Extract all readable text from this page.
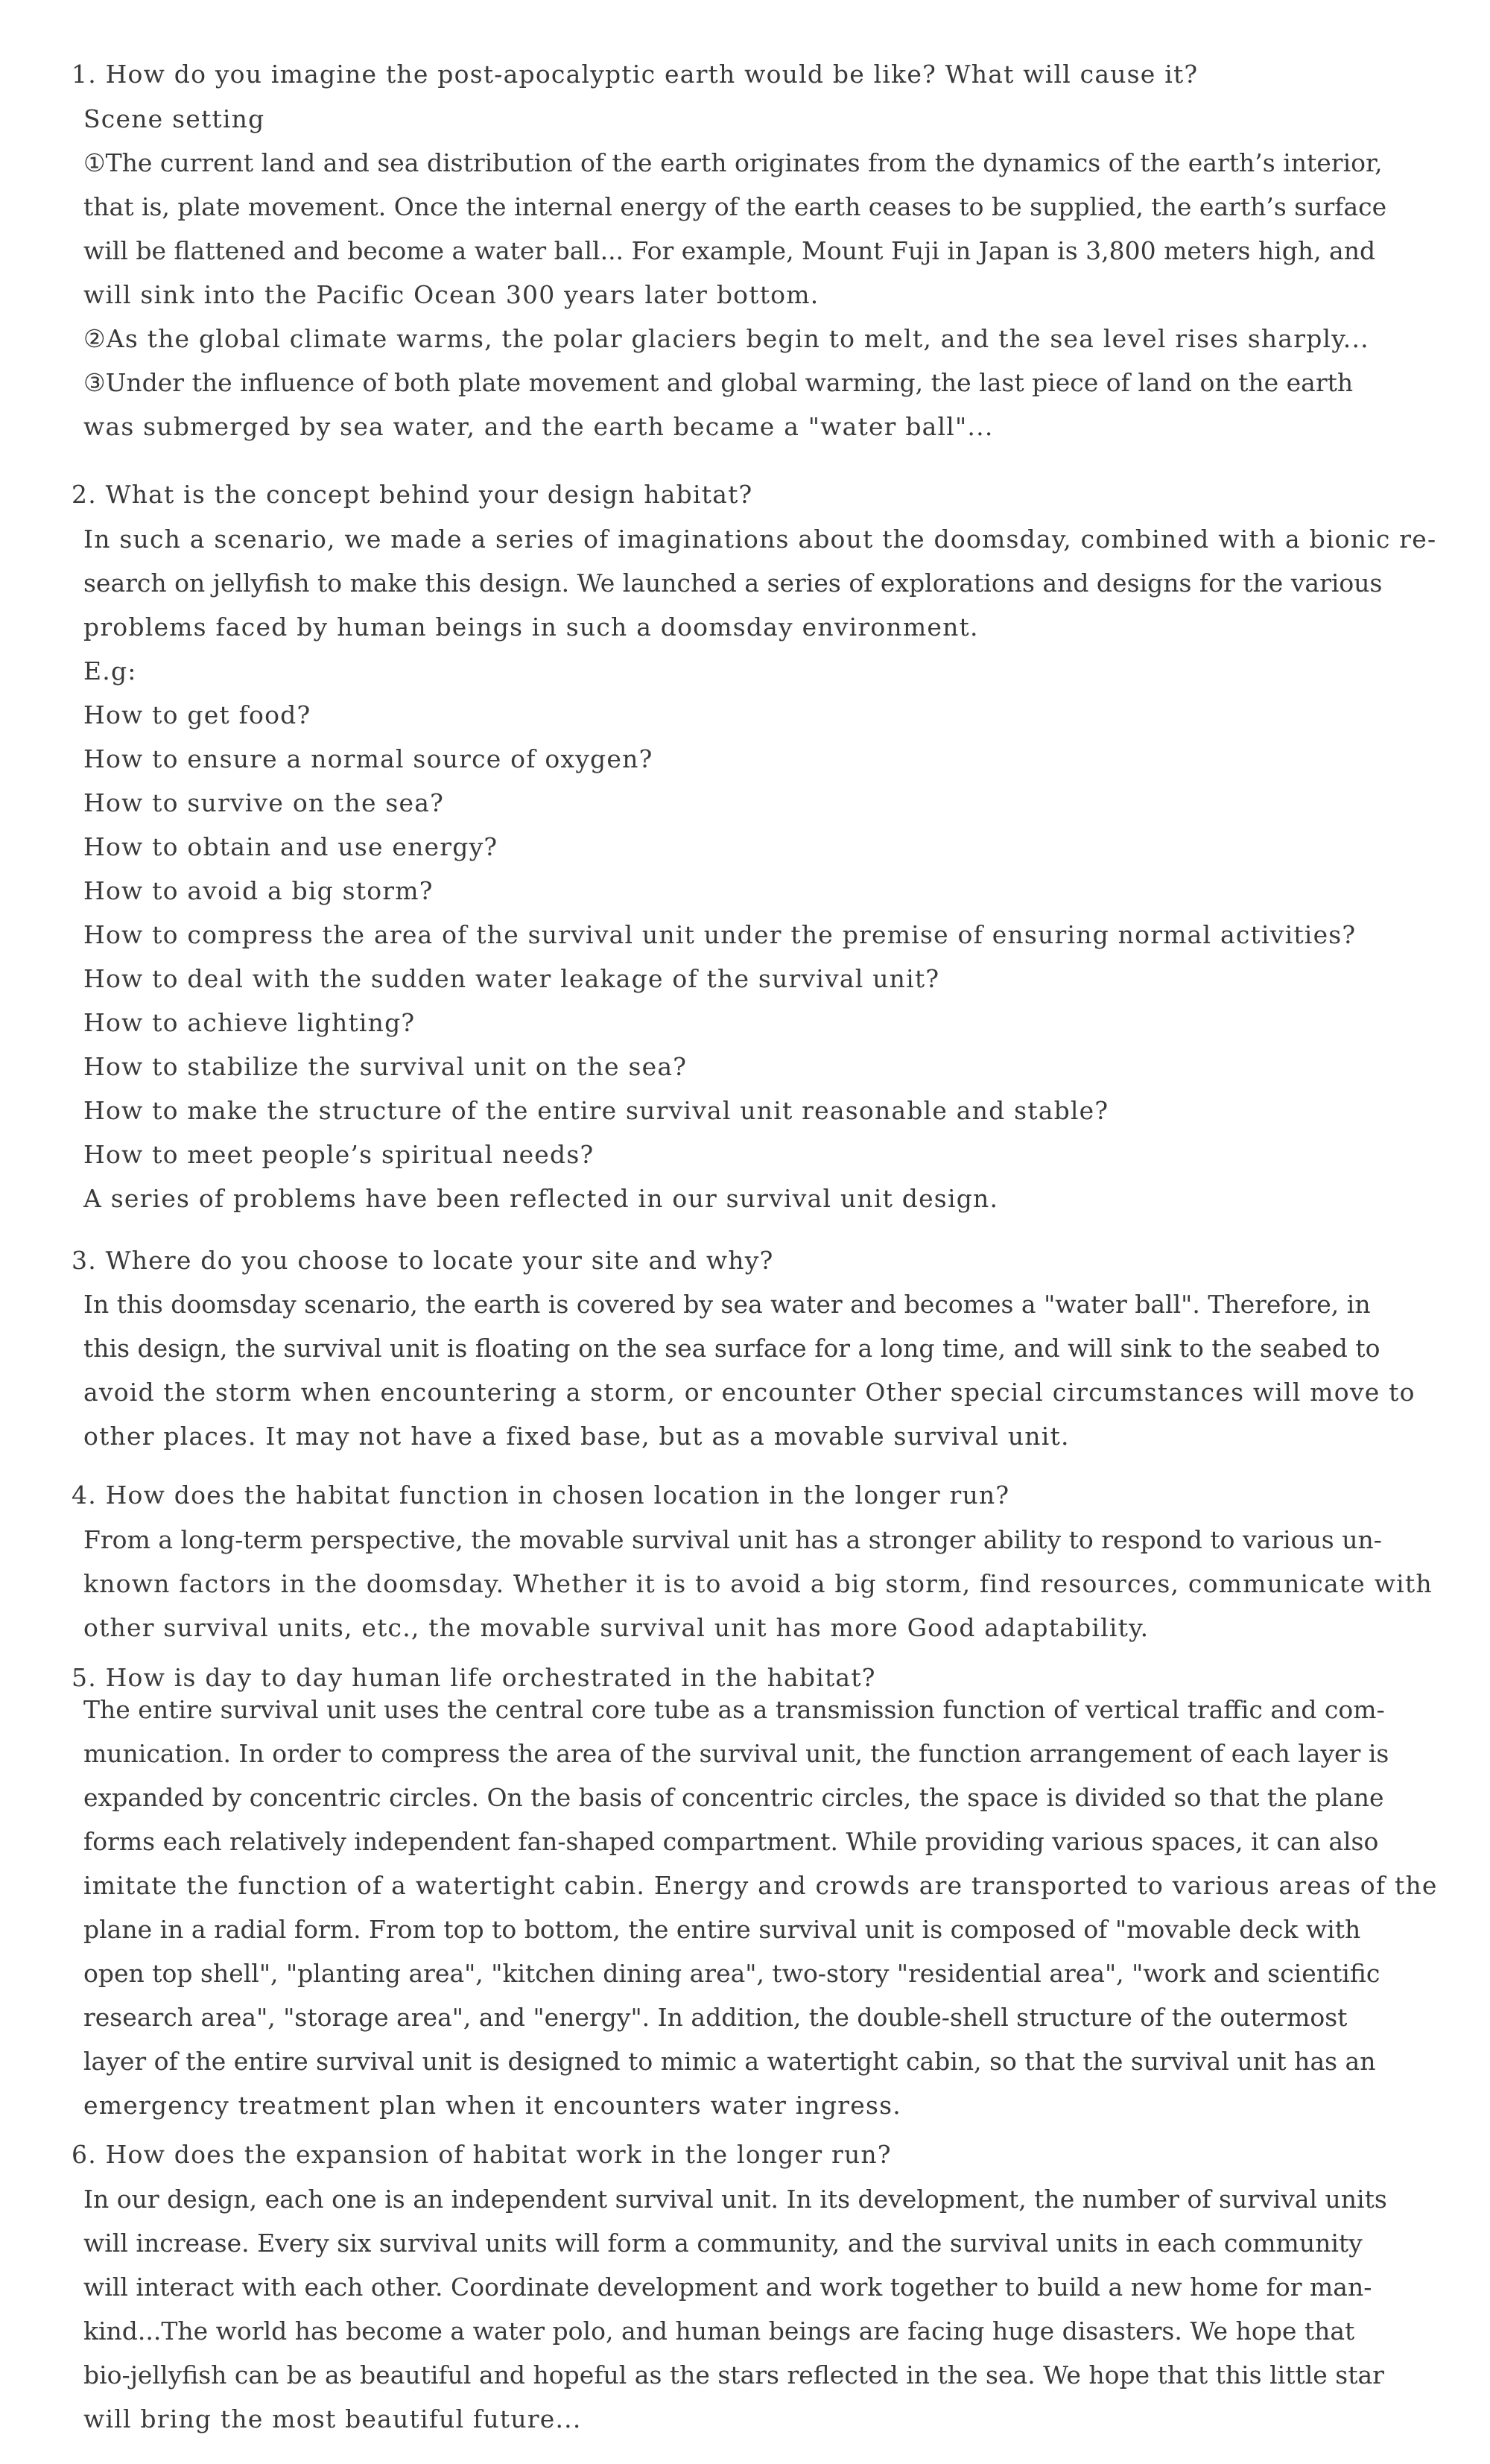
1. How do you imagine the post-apocalyptic earth would be like? What will cause it?
Scene setting
①The current land and sea distribution of the earth originates from the dynamics of the earth’s interior,
that is, plate movement. Once the internal energy of the earth ceases to be supplied, the earth’s surface
will be flattened and become a water ball... For example, Mount Fuji in Japan is 3,800 meters high, and
will sink into the Pacific Ocean 300 years later bottom.
②As the global climate warms, the polar glaciers begin to melt, and the sea level rises sharply...
③Under the influence of both plate movement and global warming, the last piece of land on the earth
was submerged by sea water, and the earth became a "water ball"...
2. What is the concept behind your design habitat?
In such a scenario, we made a series of imaginations about the doomsday, combined with a bionic re-
search on jellyfish to make this design. We launched a series of explorations and designs for the various
problems faced by human beings in such a doomsday environment.
E.g:
How to get food?
How to ensure a normal source of oxygen?
How to survive on the sea?
How to obtain and use energy?
How to avoid a big storm?
How to compress the area of the survival unit under the premise of ensuring normal activities?
How to deal with the sudden water leakage of the survival unit?
How to achieve lighting?
How to stabilize the survival unit on the sea?
How to make the structure of the entire survival unit reasonable and stable?
How to meet people’s spiritual needs?
A series of problems have been reflected in our survival unit design.
3. Where do you choose to locate your site and why?
In this doomsday scenario, the earth is covered by sea water and becomes a "water ball". Therefore, in
this design, the survival unit is floating on the sea surface for a long time, and will sink to the seabed to
avoid the storm when encountering a storm, or encounter Other special circumstances will move to
other places. It may not have a fixed base, but as a movable survival unit.
4. How does the habitat function in chosen location in the longer run?
From a long-term perspective, the movable survival unit has a stronger ability to respond to various un-
known factors in the doomsday. Whether it is to avoid a big storm, find resources, communicate with
other survival units, etc., the movable survival unit has more Good adaptability.
5. How is day to day human life orchestrated in the habitat?
The entire survival unit uses the central core tube as a transmission function of vertical traffic and com-
munication. In order to compress the area of the survival unit, the function arrangement of each layer is
expanded by concentric circles. On the basis of concentric circles, the space is divided so that the plane
forms each relatively independent fan-shaped compartment. While providing various spaces, it can also
imitate the function of a watertight cabin. Energy and crowds are transported to various areas of the
plane in a radial form. From top to bottom, the entire survival unit is composed of "movable deck with
open top shell", "planting area", "kitchen dining area", two-story "residential area", "work and scientific
research area", "storage area", and "energy". In addition, the double-shell structure of the outermost
layer of the entire survival unit is designed to mimic a watertight cabin, so that the survival unit has an
emergency treatment plan when it encounters water ingress.
6. How does the expansion of habitat work in the longer run?
In our design, each one is an independent survival unit. In its development, the number of survival units
will increase. Every six survival units will form a community, and the survival units in each community
will interact with each other. Coordinate development and work together to build a new home for man-
kind...The world has become a water polo, and human beings are facing huge disasters. We hope that
bio-jellyfish can be as beautiful and hopeful as the stars reflected in the sea. We hope that this little star
will bring the most beautiful future...
